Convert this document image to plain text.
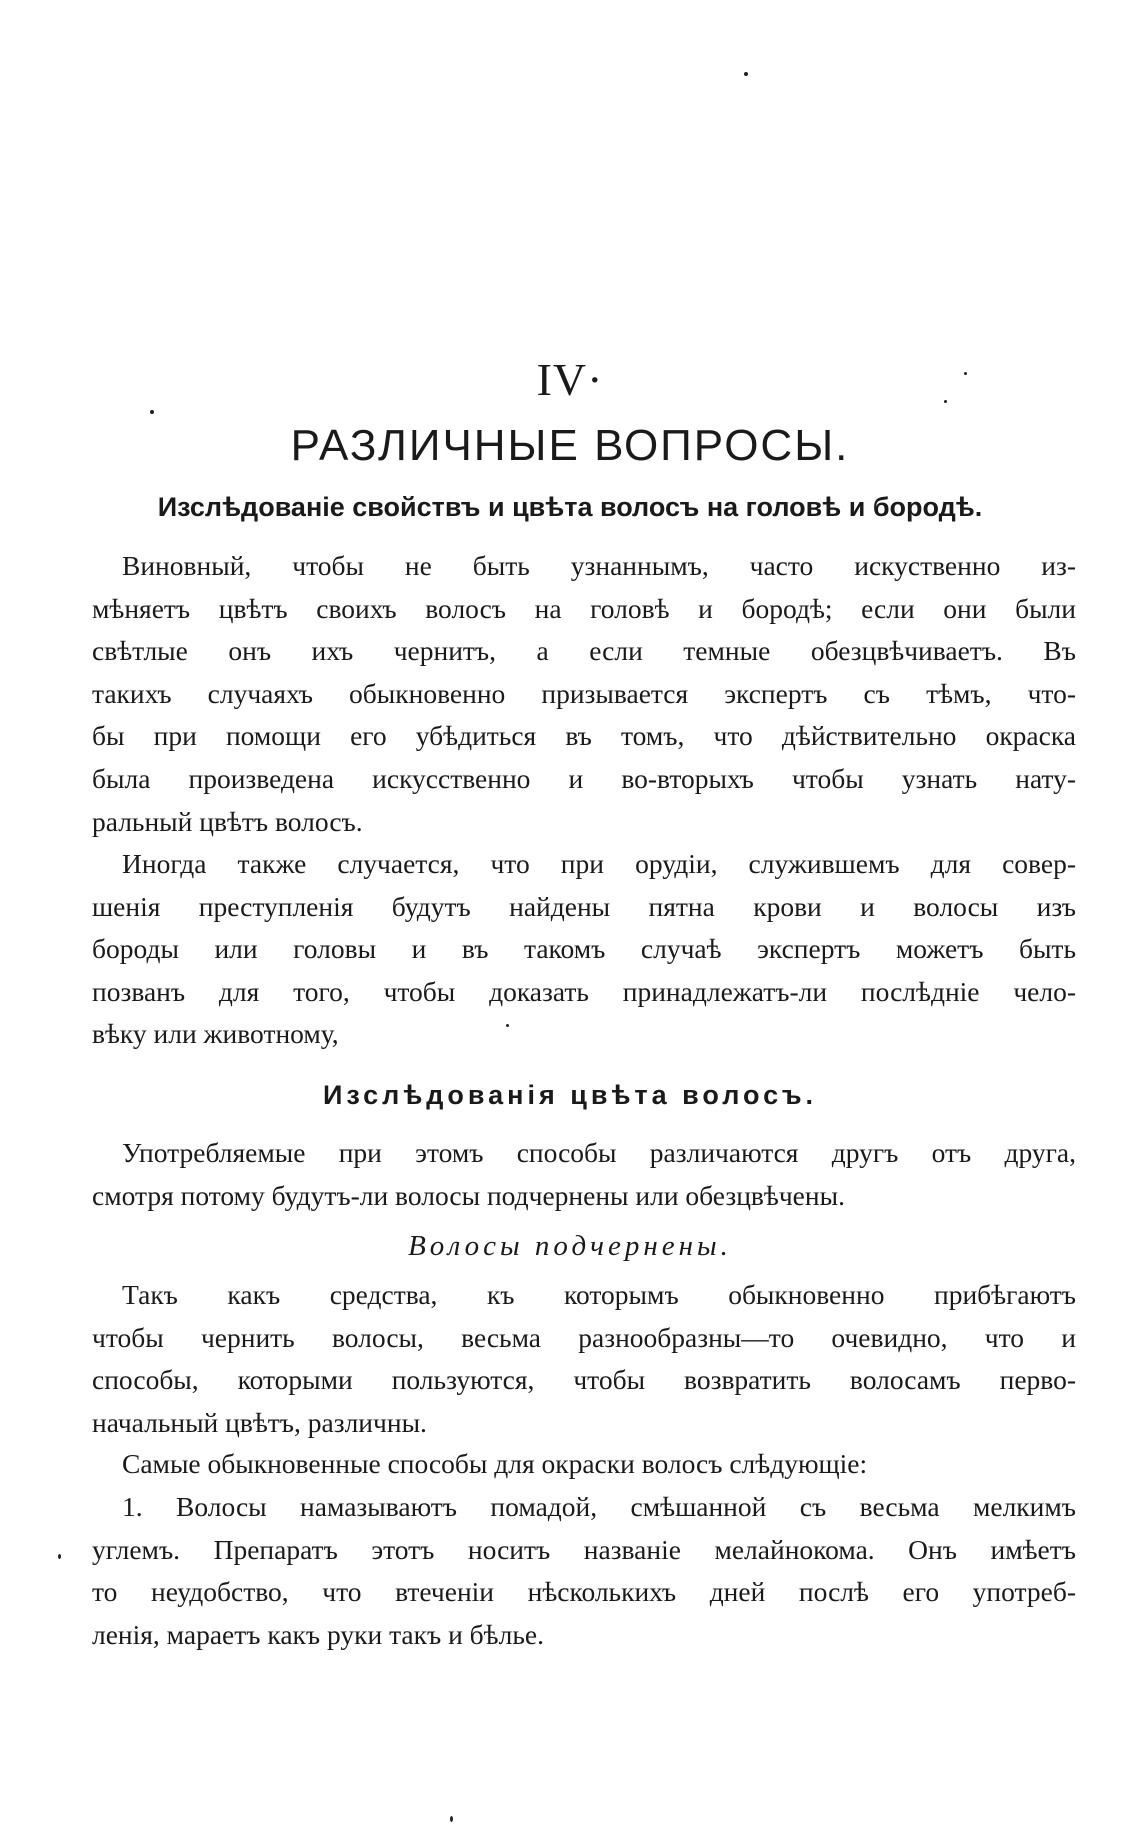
IV·
РАЗЛИЧНЫЕ ВОПРОСЫ.
Изслѣдованіе свойствъ и цвѣта волосъ на головѣ и бородѣ.
Виновный, чтобы не быть узнаннымъ, часто искуственно из-
мѣняетъ цвѣтъ своихъ волосъ на головѣ и бородѣ; если они были
свѣтлые онъ ихъ чернитъ, а если темные обезцвѣчиваетъ. Въ
такихъ случаяхъ обыкновенно призывается экспертъ съ тѣмъ, что-
бы при помощи его убѣдиться въ томъ, что дѣйствительно окраска
была произведена искусственно и во-вторыхъ чтобы узнать нату-
ральный цвѣтъ волосъ.
Иногда также случается, что при орудіи, служившемъ для совер-
шенія преступленія будутъ найдены пятна крови и волосы изъ
бороды или головы и въ такомъ случаѣ экспертъ можетъ быть
позванъ для того, чтобы доказать принадлежатъ-ли послѣдніе чело-
вѣку или животному,
Изслѣдованія цвѣта волосъ.
Употребляемые при этомъ способы различаются другъ отъ друга,
смотря потому будутъ-ли волосы подчернены или обезцвѣчены.
Волосы подчернены.
Такъ какъ средства, къ которымъ обыкновенно прибѣгаютъ
чтобы чернить волосы, весьма разнообразны—то очевидно, что и
способы, которыми пользуются, чтобы возвратить волосамъ перво-
начальный цвѣтъ, различны.
Самые обыкновенные способы для окраски волосъ слѣдующіе:
1. Волосы намазываютъ помадой, смѣшанной съ весьма мелкимъ
углемъ. Препаратъ этотъ носитъ названіе мелайнокома. Онъ имѣетъ
то неудобство, что втеченіи нѣсколькихъ дней послѣ его употреб-
ленія, мараетъ какъ руки такъ и бѣлье.
